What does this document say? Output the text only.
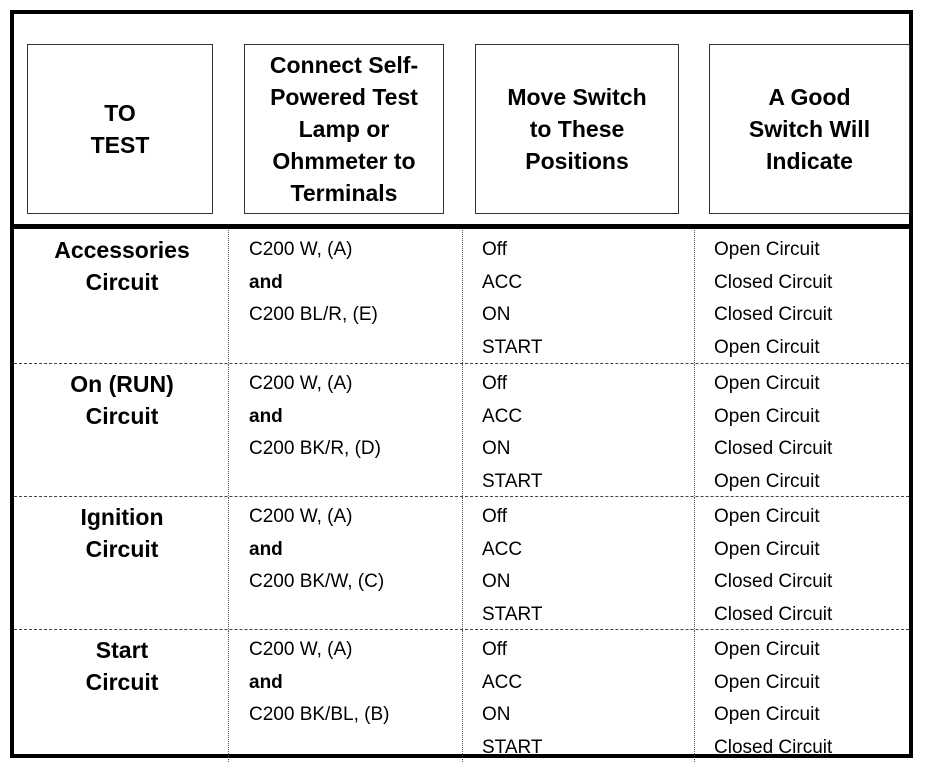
TO
TEST
Connect Self-
Powered Test
Lamp or
Ohmmeter to
Terminals
Move Switch
to These
Positions
A Good
Switch Will
Indicate
Accessories
Circuit
C200 W, (A)
and
C200 BL/R, (E)
Off
ACC
ON
START
Open Circuit
Closed Circuit
Closed Circuit
Open Circuit
On (RUN)
Circuit
C200 W, (A)
and
C200 BK/R, (D)
Off
ACC
ON
START
Open Circuit
Open Circuit
Closed Circuit
Open Circuit
Ignition
Circuit
C200 W, (A)
and
C200 BK/W, (C)
Off
ACC
ON
START
Open Circuit
Open Circuit
Closed Circuit
Closed Circuit
Start
Circuit
C200 W, (A)
and
C200 BK/BL, (B)
Off
ACC
ON
START
Open Circuit
Open Circuit
Open Circuit
Closed Circuit
